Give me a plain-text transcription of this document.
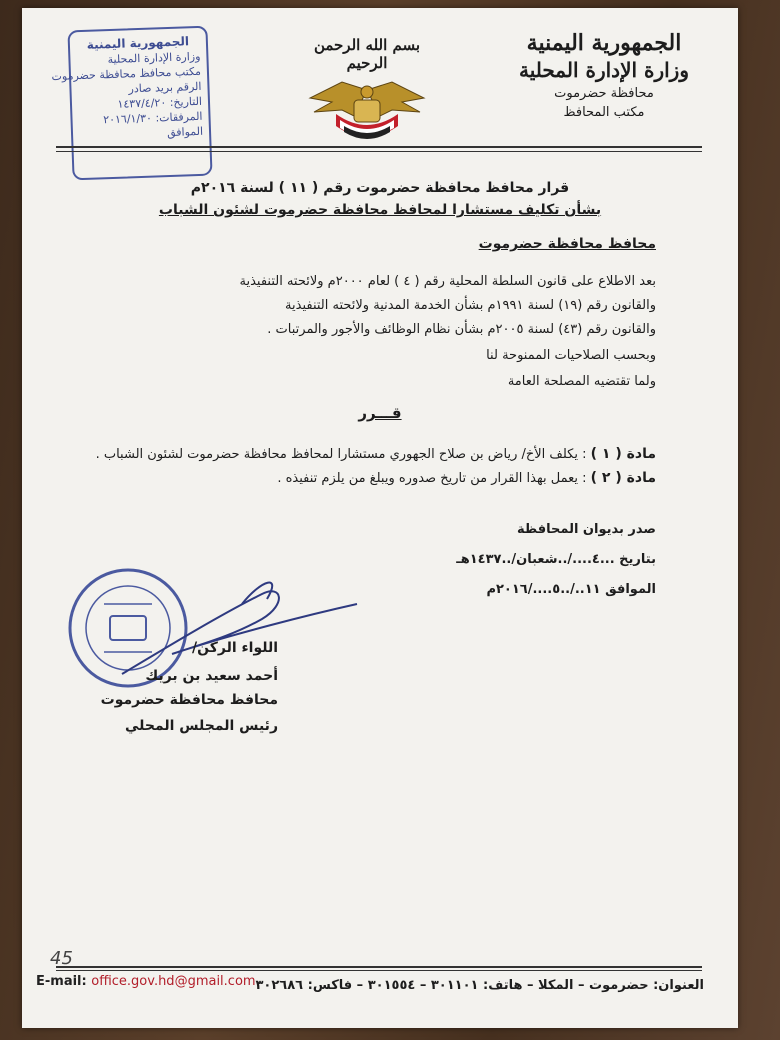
الجمهورية اليمنية
وزارة الإدارة المحلية
محافظة حضرموت
مكتب المحافظ
بسم الله الرحمن الرحيم
الجمهورية اليمنية
وزارة الإدارة المحلية
مكتب محافظ محافظة حضرموت
الرقم بريد صادر
التاريخ: ١٤٣٧/٤/٢٠
المرفقات: ٢٠١٦/١/٣٠
الموافق
قرار محافظ محافظة حضرموت رقم ( ١١ ) لسنة ٢٠١٦م
بشأن تكليف مستشارا لمحافظ محافظة حضرموت لشئون الشباب
محافظ محافظة حضرموت
بعد الاطلاع على قانون السلطة المحلية رقم ( ٤ ) لعام ٢٠٠٠م ولائحته التنفيذية
والقانون رقم (١٩) لسنة ١٩٩١م بشأن الخدمة المدنية ولائحته التنفيذية
والقانون رقم (٤٣) لسنة ٢٠٠٥م بشأن نظام الوظائف والأجور والمرتبات .
وبحسب الصلاحيات الممنوحة لنا
ولما تقتضيه المصلحة العامة
قـــرر
مادة ( ١ ) : يكلف الأخ/ رياض بن صلاح الجهوري مستشارا لمحافظ محافظة حضرموت لشئون الشباب .
مادة ( ٢ ) : يعمل بهذا القرار من تاريخ صدوره ويبلغ من يلزم تنفيذه .
صدر بديوان المحافظة
بتاريخ ...٤..../..شعبان/..١٤٣٧هـ
الموافق ١١../..٥..../٢٠١٦م
اللواء الركن/
أحمد سعيد بن بريك
محافظ محافظة حضرموت
رئيس المجلس المحلي
45
العنوان: حضرموت – المكلا – هاتف: ٣٠١١٠١ – ٣٠١٥٥٤ – فاكس: ٣٠٢٦٨٦
E-mail: office.gov.hd@gmail.com
